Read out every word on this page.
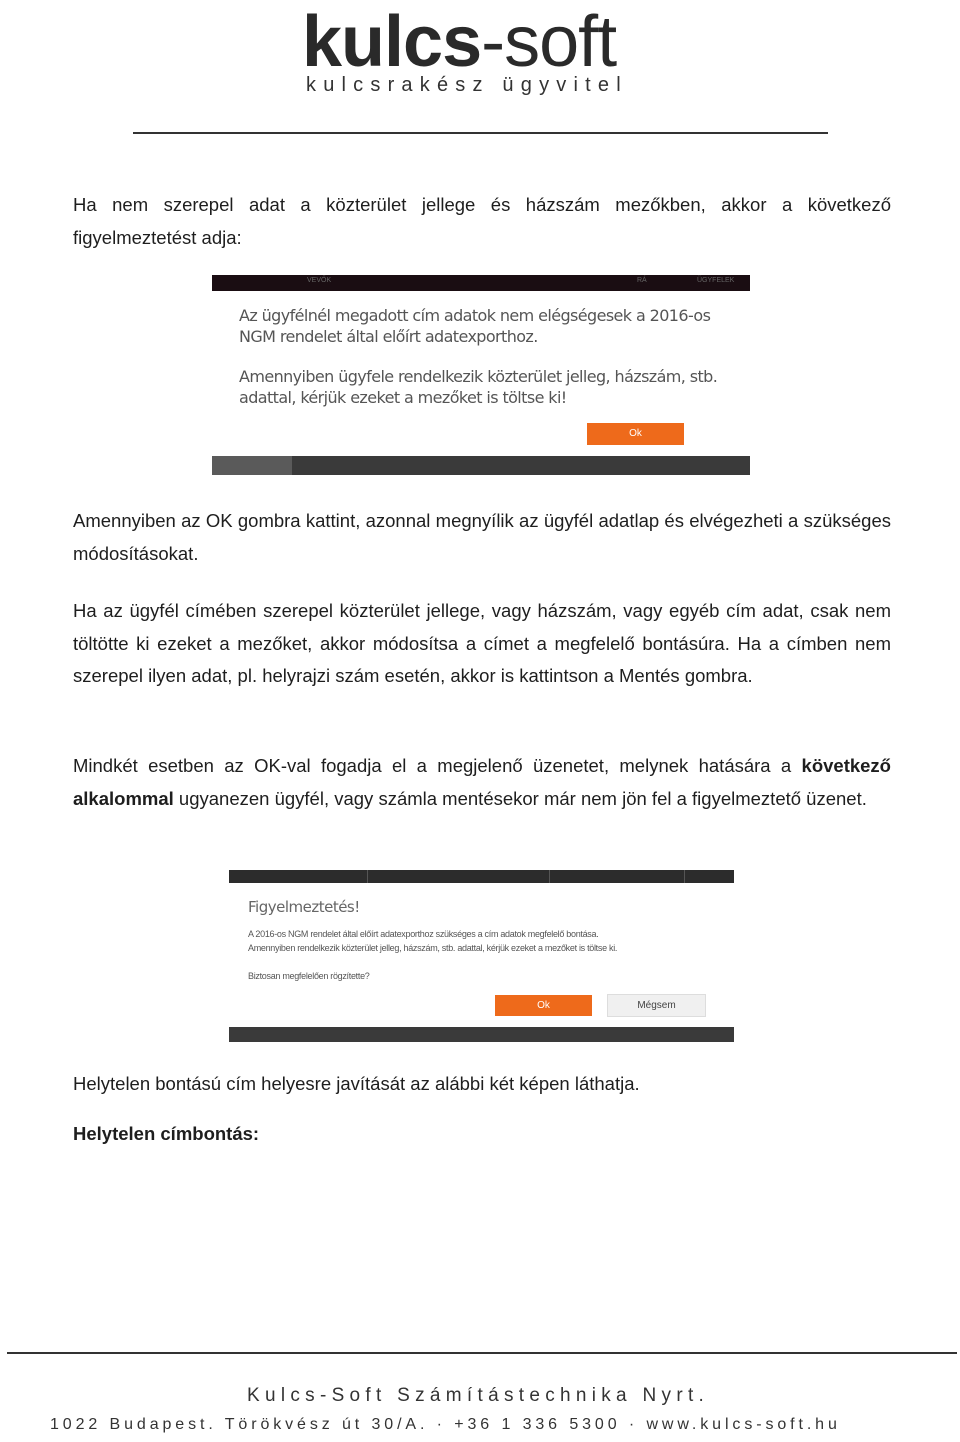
kulcs-soft
kulcsrakész ügyvitel

Ha nem szerepel adat a közterület jellege és házszám mezőkben, akkor a következő figyelmeztetést adja:

VEVŐK	RÁ	ÜGYFELEK
Az ügyfélnél megadott cím adatok nem elégségesek a 2016-os
NGM rendelet által előírt adatexporthoz.
Amennyiben ügyfele rendelkezik közterület jelleg, házszám, stb.
adattal, kérjük ezeket a mezőket is töltse ki!
Ok

Amennyiben az OK gombra kattint, azonnal megnyílik az ügyfél adatlap és elvégezheti a szükséges módosításokat.

Ha az ügyfél címében szerepel közterület jellege, vagy házszám, vagy egyéb cím adat, csak nem töltötte ki ezeket a mezőket, akkor módosítsa a címet a megfelelő bontásúra. Ha a címben nem szerepel ilyen adat, pl. helyrajzi szám esetén, akkor is kattintson a Mentés gombra.

Mindkét esetben az OK-val fogadja el a megjelenő üzenetet, melynek hatására a következő alkalommal ugyanezen ügyfél, vagy számla mentésekor már nem jön fel a figyelmeztető üzenet.

Figyelmeztetés!
A 2016-os NGM rendelet által előírt adatexporthoz szükséges a cím adatok megfelelő bontása.
Amennyiben rendelkezik közterület jelleg, házszám, stb. adattal, kérjük ezeket a mezőket is töltse ki.
Biztosan megfelelően rögzítette?
Ok	Mégsem

Helytelen bontású cím helyesre javítását az alábbi két képen láthatja.

Helytelen címbontás:

Kulcs-Soft Számítástechnika Nyrt.
1022 Budapest. Törökvész út 30/A. · +36 1 336 5300 · www.kulcs-soft.hu
